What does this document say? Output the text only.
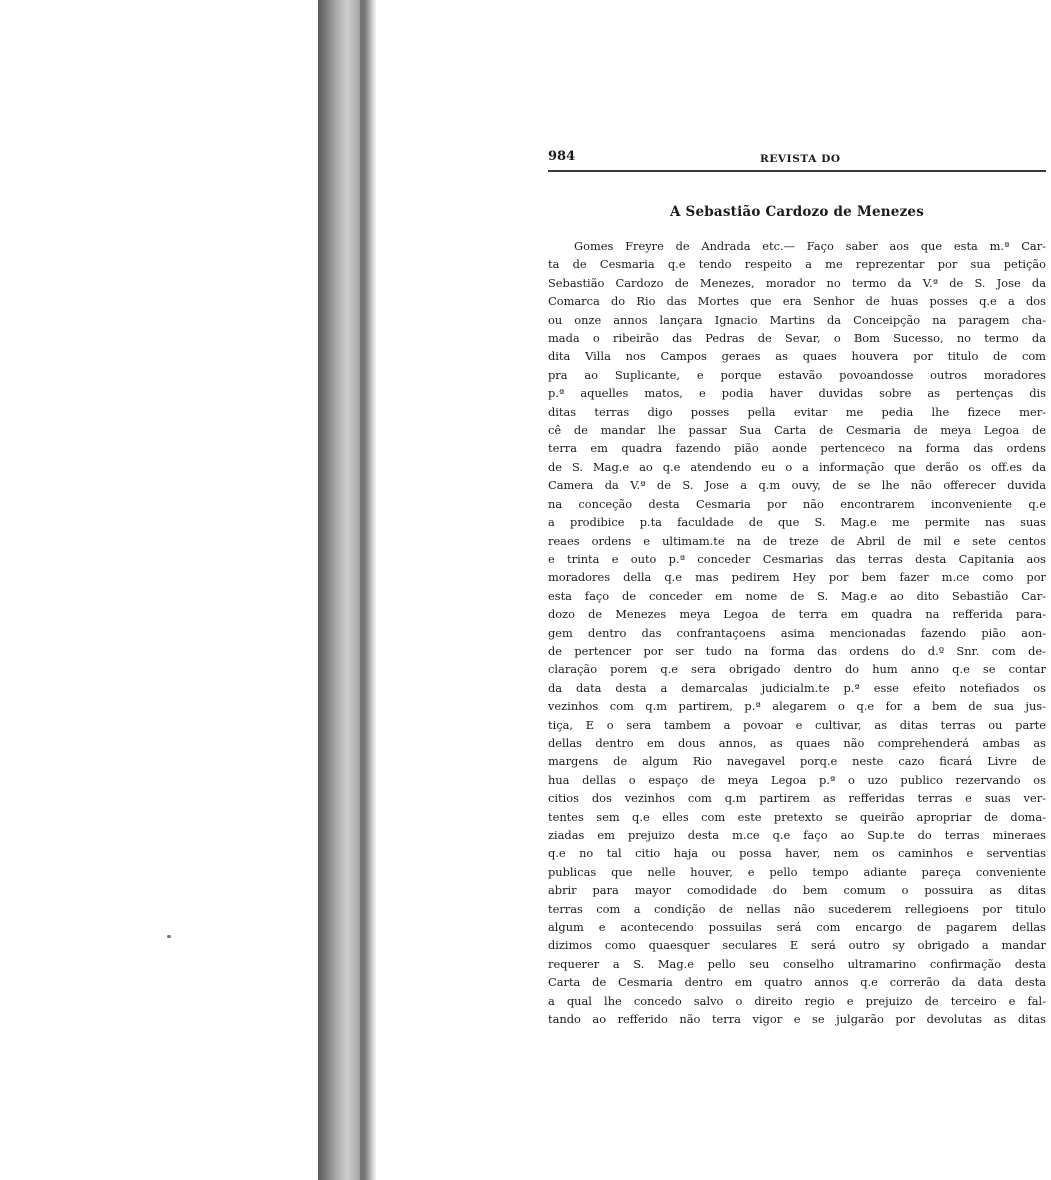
984	REVISTA DO
A Sebastião Cardozo de Menezes
Gomes Freyre de Andrada etc.— Faço saber aos que esta m.ª Car-
ta de Cesmaria q.e tendo respeito a me reprezentar por sua petição
Sebastião Cardozo de Menezes, morador no termo da V.ª de S. Jose da
Comarca do Rio das Mortes que era Senhor de huas posses q.e a dos
ou onze annos lançara Ignacio Martins da Conceipção na paragem cha-
mada o ribeirão das Pedras de Sevar, o Bom Sucesso, no termo da
dita Villa nos Campos geraes as quaes houvera por titulo de com
pra ao Suplicante, e porque estavão povoandosse outros moradores
p.ª aquelles matos, e podia haver duvidas sobre as pertenças dis
ditas terras digo posses pella evitar me pedia lhe fizece mer-
cê de mandar lhe passar Sua Carta de Cesmaria de meya Legoa de
terra em quadra fazendo pião aonde pertenceco na forma das ordens
de S. Mag.e ao q.e atendendo eu o a informação que derão os off.es da
Camera da V.ª de S. Jose a q.m ouvy, de se lhe não offerecer duvida
na conceção desta Cesmaria por não encontrarem inconveniente q.e
a prodibice p.ta faculdade de que S. Mag.e me permite nas suas
reaes ordens e ultimam.te na de treze de Abril de mil e sete centos
e trinta e outo p.ª conceder Cesmarias das terras desta Capitania aos
moradores della q.e mas pedirem Hey por bem fazer m.ce como por
esta faço de conceder em nome de S. Mag.e ao dito Sebastião Car-
dozo de Menezes meya Legoa de terra em quadra na refferida para-
gem dentro das confrantaçoens asima mencionadas fazendo pião aon-
de pertencer por ser tudo na forma das ordens do d.º Snr. com de-
claração porem q.e sera obrigado dentro do hum anno q.e se contar
da data desta a demarcalas judicialm.te p.ª esse efeito notefiados os
vezinhos com q.m partirem, p.ª alegarem o q.e for a bem de sua jus-
tiça, E o sera tambem a povoar e cultivar, as ditas terras ou parte
dellas dentro em dous annos, as quaes não comprehenderá ambas as
margens de algum Rio navegavel porq.e neste cazo ficará Livre de
hua dellas o espaço de meya Legoa p.ª o uzo publico rezervando os
citios dos vezinhos com q.m partirem as refferidas terras e suas ver-
tentes sem q.e elles com este pretexto se queirão apropriar de doma-
ziadas em prejuizo desta m.ce q.e faço ao Sup.te do terras mineraes
q.e no tal citio haja ou possa haver, nem os caminhos e serventias
publicas que nelle houver, e pello tempo adiante pareça conveniente
abrir para mayor comodidade do bem comum o possuira as ditas
terras com a condição de nellas não sucederem rellegioens por titulo
algum e acontecendo possuilas será com encargo de pagarem dellas
dizimos como quaesquer seculares E será outro sy obrigado a mandar
requerer a S. Mag.e pello seu conselho ultramarino confirmação desta
Carta de Cesmaria dentro em quatro annos q.e correrão da data desta
a qual lhe concedo salvo o direito regio e prejuizo de terceiro e fal-
tando ao refferido não terra vigor e se julgarão por devolutas as ditas
